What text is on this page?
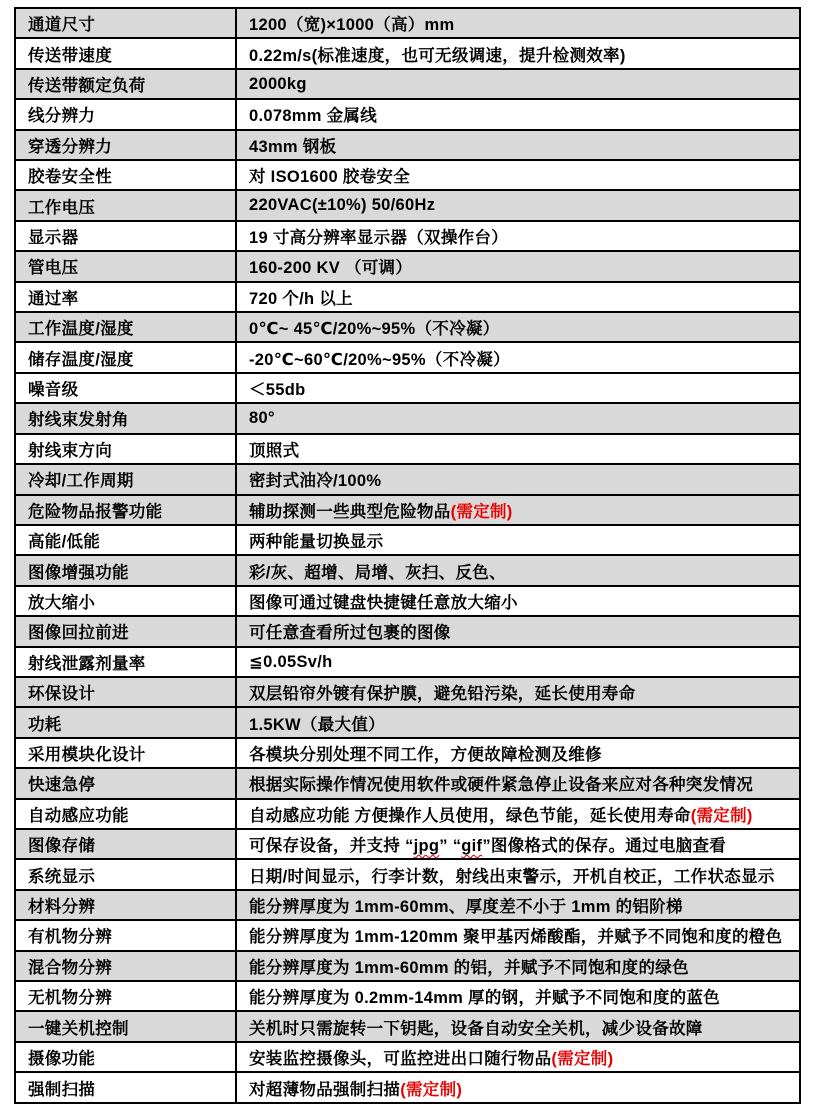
通道尺寸	1200（宽)×1000（高）mm
传送带速度	0.22m/s(标准速度，也可无级调速，提升检测效率)
传送带额定负荷	2000kg
线分辨力	0.078mm 金属线
穿透分辨力	43mm 钢板
胶卷安全性	对 ISO1600 胶卷安全
工作电压	220VAC(±10%) 50/60Hz
显示器	19 寸高分辨率显示器（双操作台）
管电压	160-200 KV （可调）
通过率	720 个/h 以上
工作温度/湿度	0℃~ 45℃/20%~95%（不冷凝）
储存温度/湿度	-20℃~60℃/20%~95%（不冷凝）
噪音级	＜55db
射线束发射角	80°
射线束方向	顶照式
冷却/工作周期	密封式油冷/100%
危险物品报警功能	辅助探测一些典型危险物品(需定制)
高能/低能	两种能量切换显示
图像增强功能	彩/灰、超增、局增、灰扫、反色、
放大缩小	图像可通过键盘快捷键任意放大缩小
图像回拉前进	可任意查看所过包裹的图像
射线泄露剂量率	≦0.05Sv/h
环保设计	双层铅帘外镀有保护膜，避免铅污染，延长使用寿命
功耗	1.5KW（最大值）
采用模块化设计	各模块分别处理不同工作，方便故障检测及维修
快速急停	根据实际操作情况使用软件或硬件紧急停止设备来应对各种突发情况
自动感应功能	自动感应功能 方便操作人员使用，绿色节能，延长使用寿命(需定制)
图像存储	可保存设备，并支持 “jpg” “gif”图像格式的保存。通过电脑查看
系统显示	日期/时间显示，行李计数，射线出束警示，开机自校正，工作状态显示
材料分辨	能分辨厚度为 1mm-60mm、厚度差不小于 1mm 的铝阶梯
有机物分辨	能分辨厚度为 1mm-120mm 聚甲基丙烯酸酯，并赋予不同饱和度的橙色
混合物分辨	能分辨厚度为 1mm-60mm 的铝，并赋予不同饱和度的绿色
无机物分辨	能分辨厚度为 0.2mm-14mm 厚的钢，并赋予不同饱和度的蓝色
一键关机控制	关机时只需旋转一下钥匙，设备自动安全关机，减少设备故障
摄像功能	安装监控摄像头，可监控进出口随行物品(需定制)
强制扫描	对超薄物品强制扫描(需定制)
